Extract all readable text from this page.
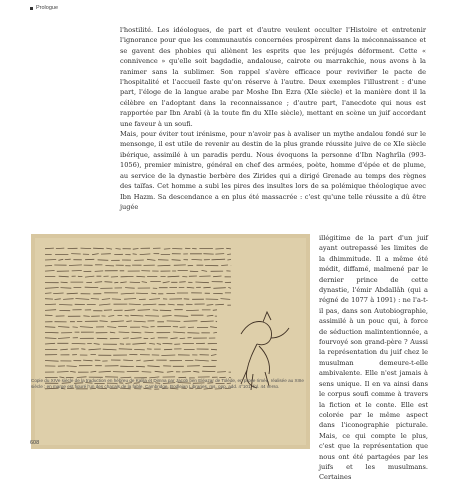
Prologue

l'hostilité. Les idéologues, de part et d'autre veulent occulter l'Histoire et entretenir l'ignorance pour que les communautés concernées prospèrent dans la méconnaissance et se gavent des phobies qui aliènent les esprits que les préjugés déforment. Cette « connivence » qu'elle soit bagdadie, andalouse, cairote ou marrakchie, nous avons à la ranimer sans la sublimer. Son rappel s'avère efficace pour revivifier le pacte de l'hospitalité et l'accueil faste qu'on réserve à l'autre. Deux exemples l'illustrent : d'une part, l'éloge de la langue arabe par Moshe Ibn Ezra (XIe siècle) et la manière dont il la célèbre en l'adoptant dans la reconnaissance ; d'autre part, l'anecdote qui nous est rapportée par Ibn Arabî (à la toute fin du XIIe siècle), mettant en scène un juif accordant une faveur à un soufi.

Mais, pour éviter tout irénisme, pour n'avoir pas à avaliser un mythe andalou fondé sur le mensonge, il est utile de revenir au destin de la plus grande réussite juive de ce XIe siècle ibérique, assimilé à un paradis perdu. Nous évoquons la personne d'Ibn Naghrîla (993-1056), premier ministre, général en chef des armées, poète, homme d'épée et de plume, au service de la dynastie berbère des Zirides qui a dirigé Grenade au temps des règnes des taïfas. Cet homme a subi les pires des insultes lors de sa polémique théologique avec Ibn Hazm. Sa descendance a en plus été massacrée : c'est qu'une telle réussite a dû être jugée

Copie du XIVe siècle de la traduction en hébreu de Kalila et Dimna par Jacob ben Eléazar de Tolède, en prose rimée, réalisée au XIIIe siècle ; en marge est figuré l'un des chacals de la fable. Cambridge, Bodleian Libraries, ms. opp. add. 4°101, fol. 44 verso.

illégitime de la part d'un juif ayant outrepassé les limites de la dhimmitude. Il a même été médit, diffamé, malmené par le dernier prince de cette dynastie, l'émir Abdallâh (qui a régné de 1077 à 1091) : ne l'a-t-il pas, dans son Autobiographie, assimilé à un pouc qui, à force de séduction malintentionnée, a fourvoyé son grand-père ? Aussi la représentation du juif chez le musulman demeure-t-elle ambivalente. Elle n'est jamais à sens unique. Il en va ainsi dans le corpus soufi comme à travers la fiction et le conte. Elle est colorée par le même aspect dans l'iconographie picturale. Mais, ce qui compte le plus, c'est que la représentation que nous ont été partagées par les juifs et les musulmans. Certaines

608
